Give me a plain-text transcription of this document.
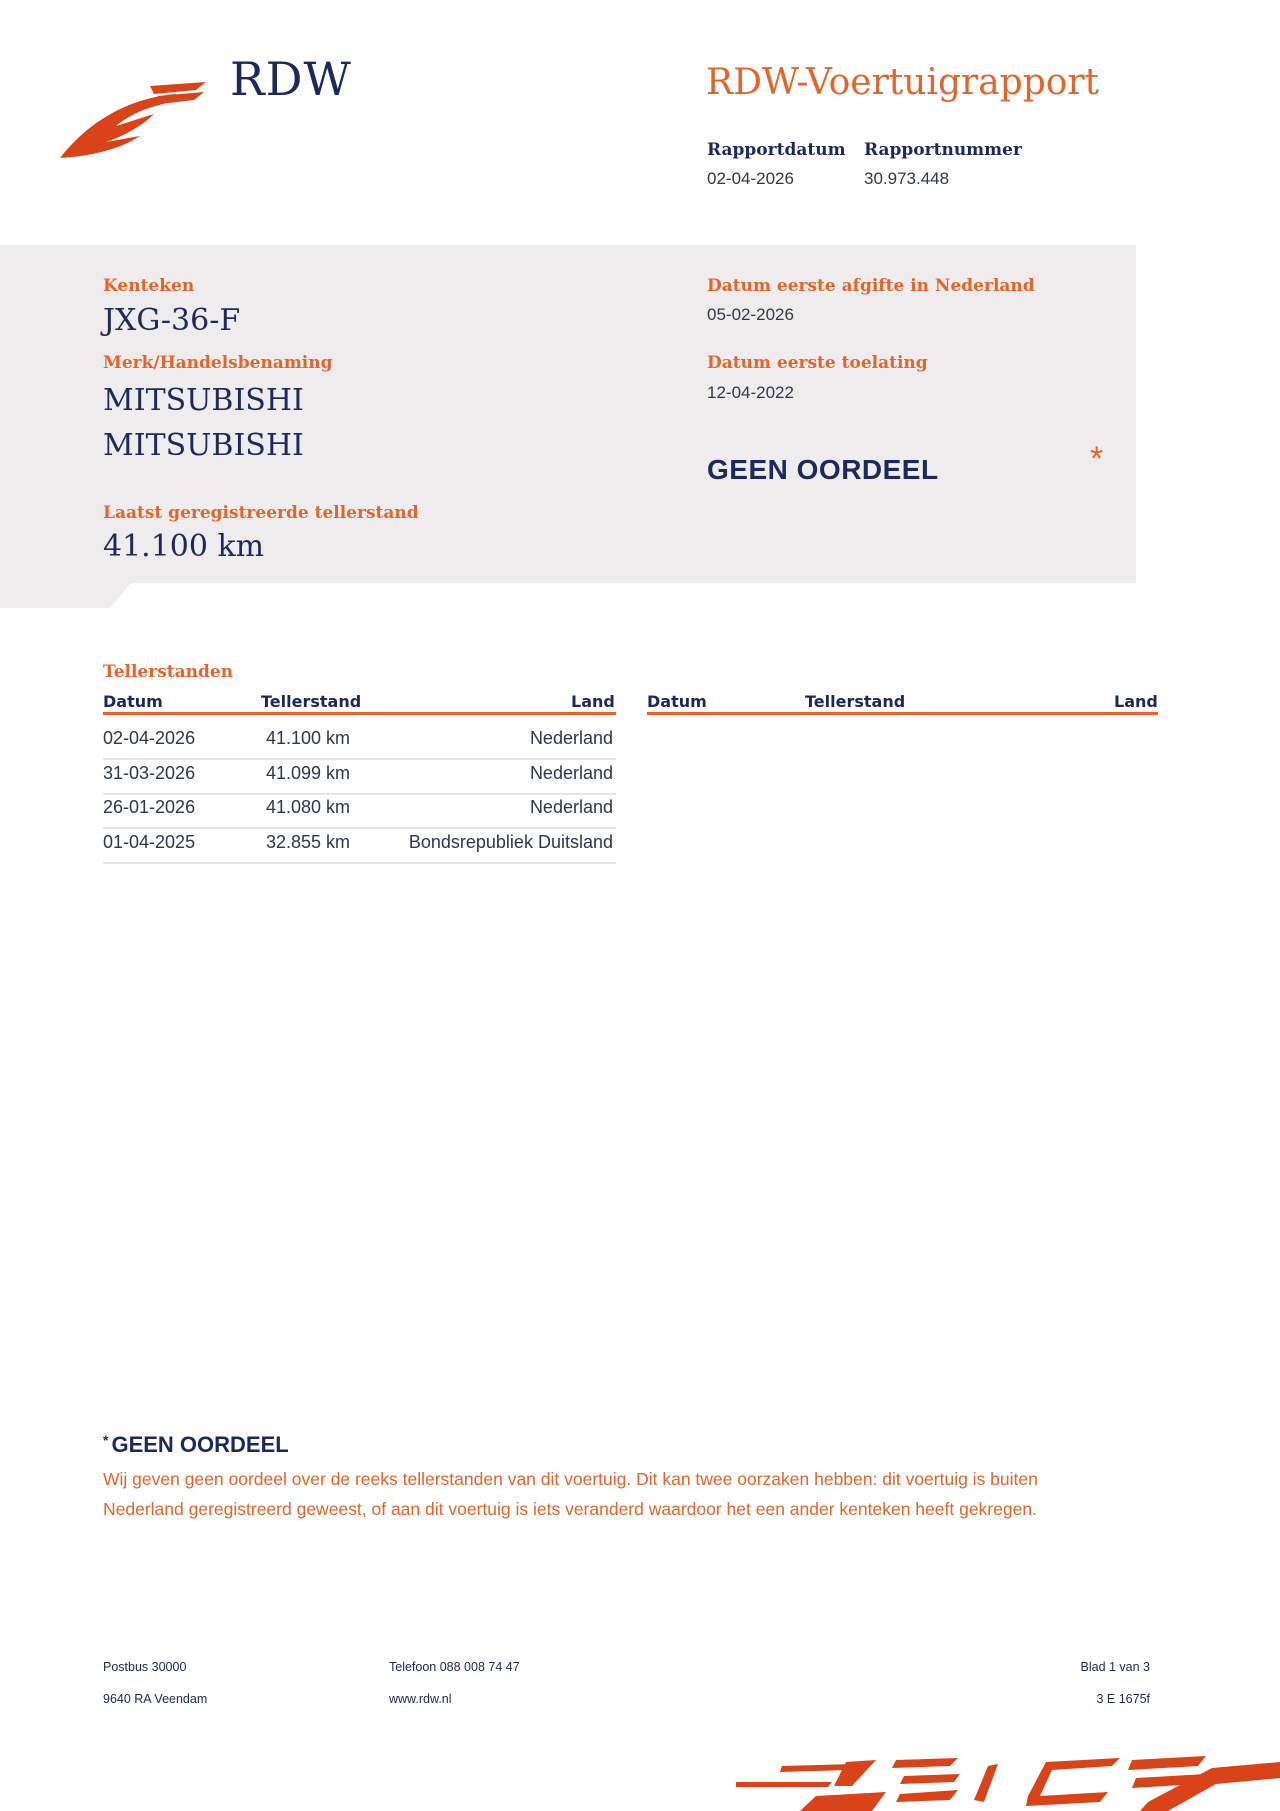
RDW	RDW-Voertuigrapport
Rapportdatum
02-04-2026
Rapportnummer
30.973.448
Kenteken
JXG-36-F
Merk/Handelsbenaming
MITSUBISHI
MITSUBISHI
Laatst geregistreerde tellerstand
41.100 km
Datum eerste afgifte in Nederland
05-02-2026
Datum eerste toelating
12-04-2022
GEEN OORDEEL	*
Tellerstanden
Datum	Tellerstand	Land Datum	Tellerstand	Land
02-04-2026	41.100 km	Nederland
31-03-2026	41.099 km	Nederland
26-01-2026	41.080 km	Nederland
01-04-2025	32.855 km	Bondsrepubliek Duitsland
* GEEN OORDEEL
Wij geven geen oordeel over de reeks tellerstanden van dit voertuig. Dit kan twee oorzaken hebben: dit voertuig is buiten Nederland geregistreerd geweest, of aan dit voertuig is iets veranderd waardoor het een ander kenteken heeft gekregen.
Postbus 30000
9640 RA Veendam
Telefoon 088 008 74 47
www.rdw.nl
Blad 1 van 3
3 E 1675f
